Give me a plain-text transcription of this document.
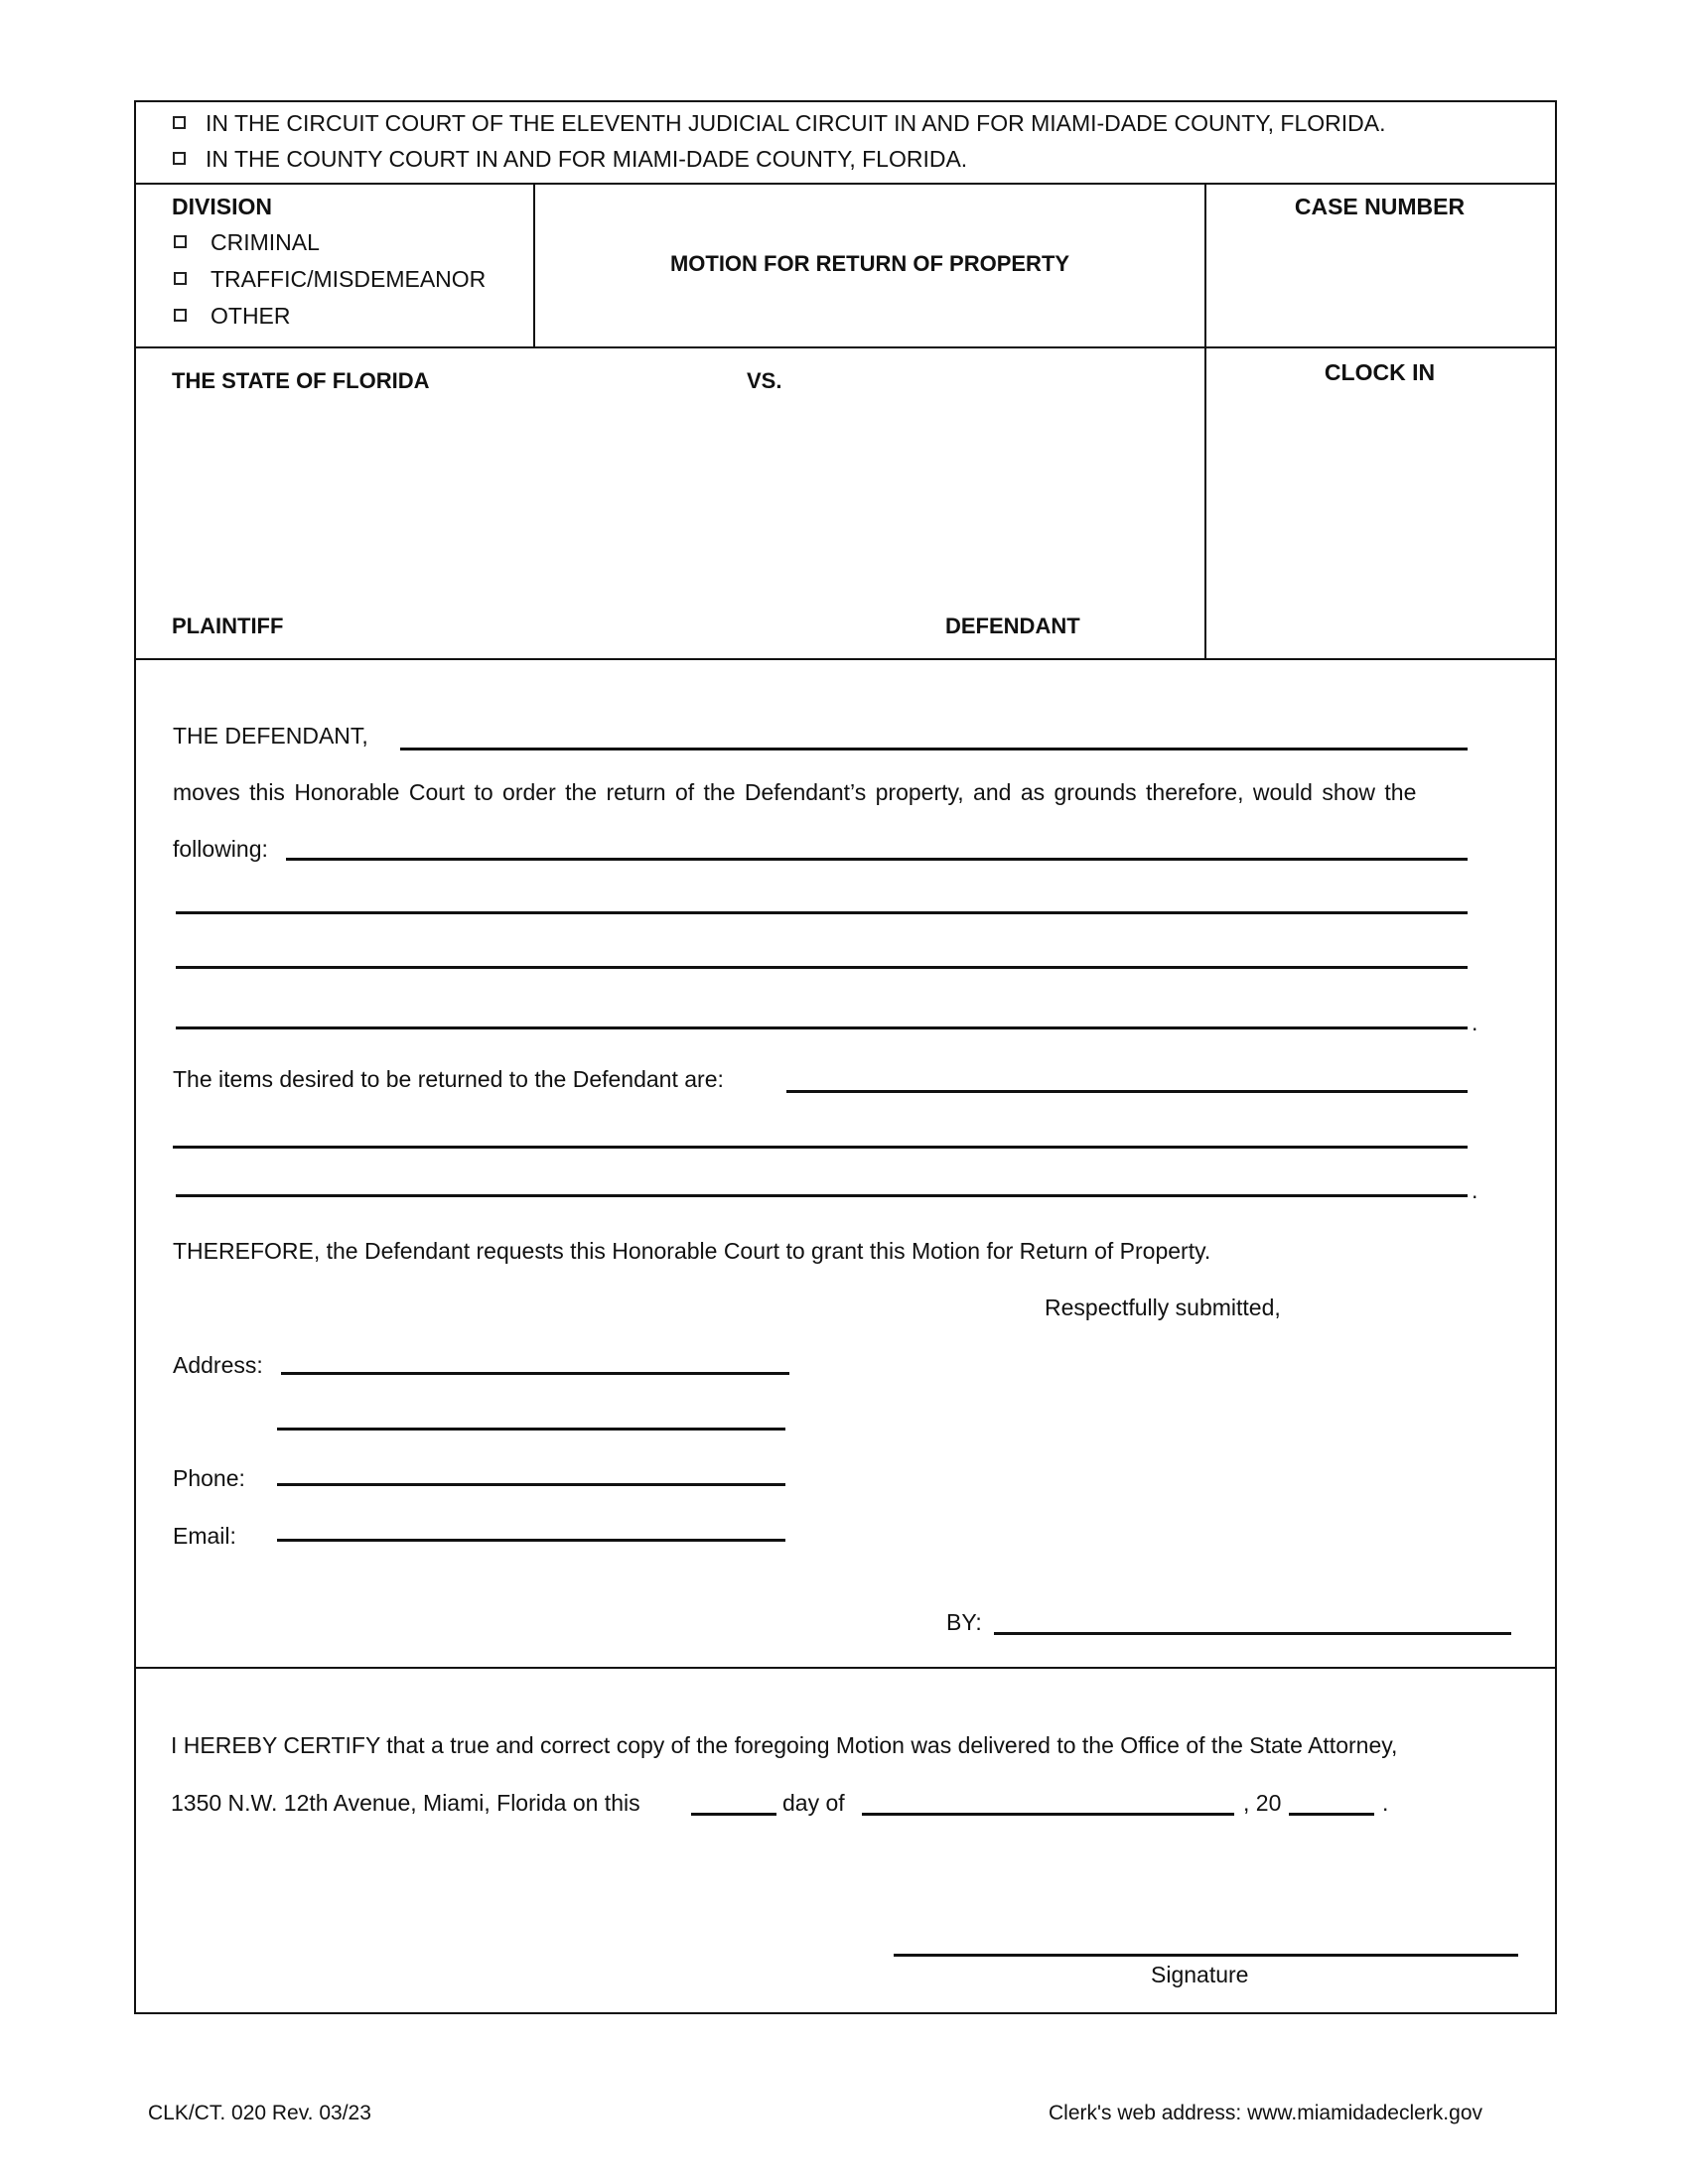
IN THE CIRCUIT COURT OF THE ELEVENTH JUDICIAL CIRCUIT IN AND FOR MIAMI-DADE COUNTY, FLORIDA.
IN THE COUNTY COURT IN AND FOR MIAMI-DADE COUNTY, FLORIDA.
DIVISION
CRIMINAL
TRAFFIC/MISDEMEANOR
OTHER
MOTION FOR RETURN OF PROPERTY
CASE NUMBER
THE STATE OF FLORIDA	VS.
PLAINTIFF	DEFENDANT
CLOCK IN
THE DEFENDANT,
moves this Honorable Court to order the return of the Defendant’s property, and as grounds therefore, would show the
following:
.
The items desired to be returned to the Defendant are:
.
THEREFORE, the Defendant requests this Honorable Court to grant this Motion for Return of Property.
Respectfully submitted,
Address:
Phone:
Email:
BY:
I HEREBY CERTIFY that a true and correct copy of the foregoing Motion was delivered to the Office of the State Attorney,
1350 N.W. 12th Avenue, Miami, Florida on this	day of	, 20	.
Signature
CLK/CT. 020 Rev. 03/23	Clerk's web address: www.miamidadeclerk.gov
